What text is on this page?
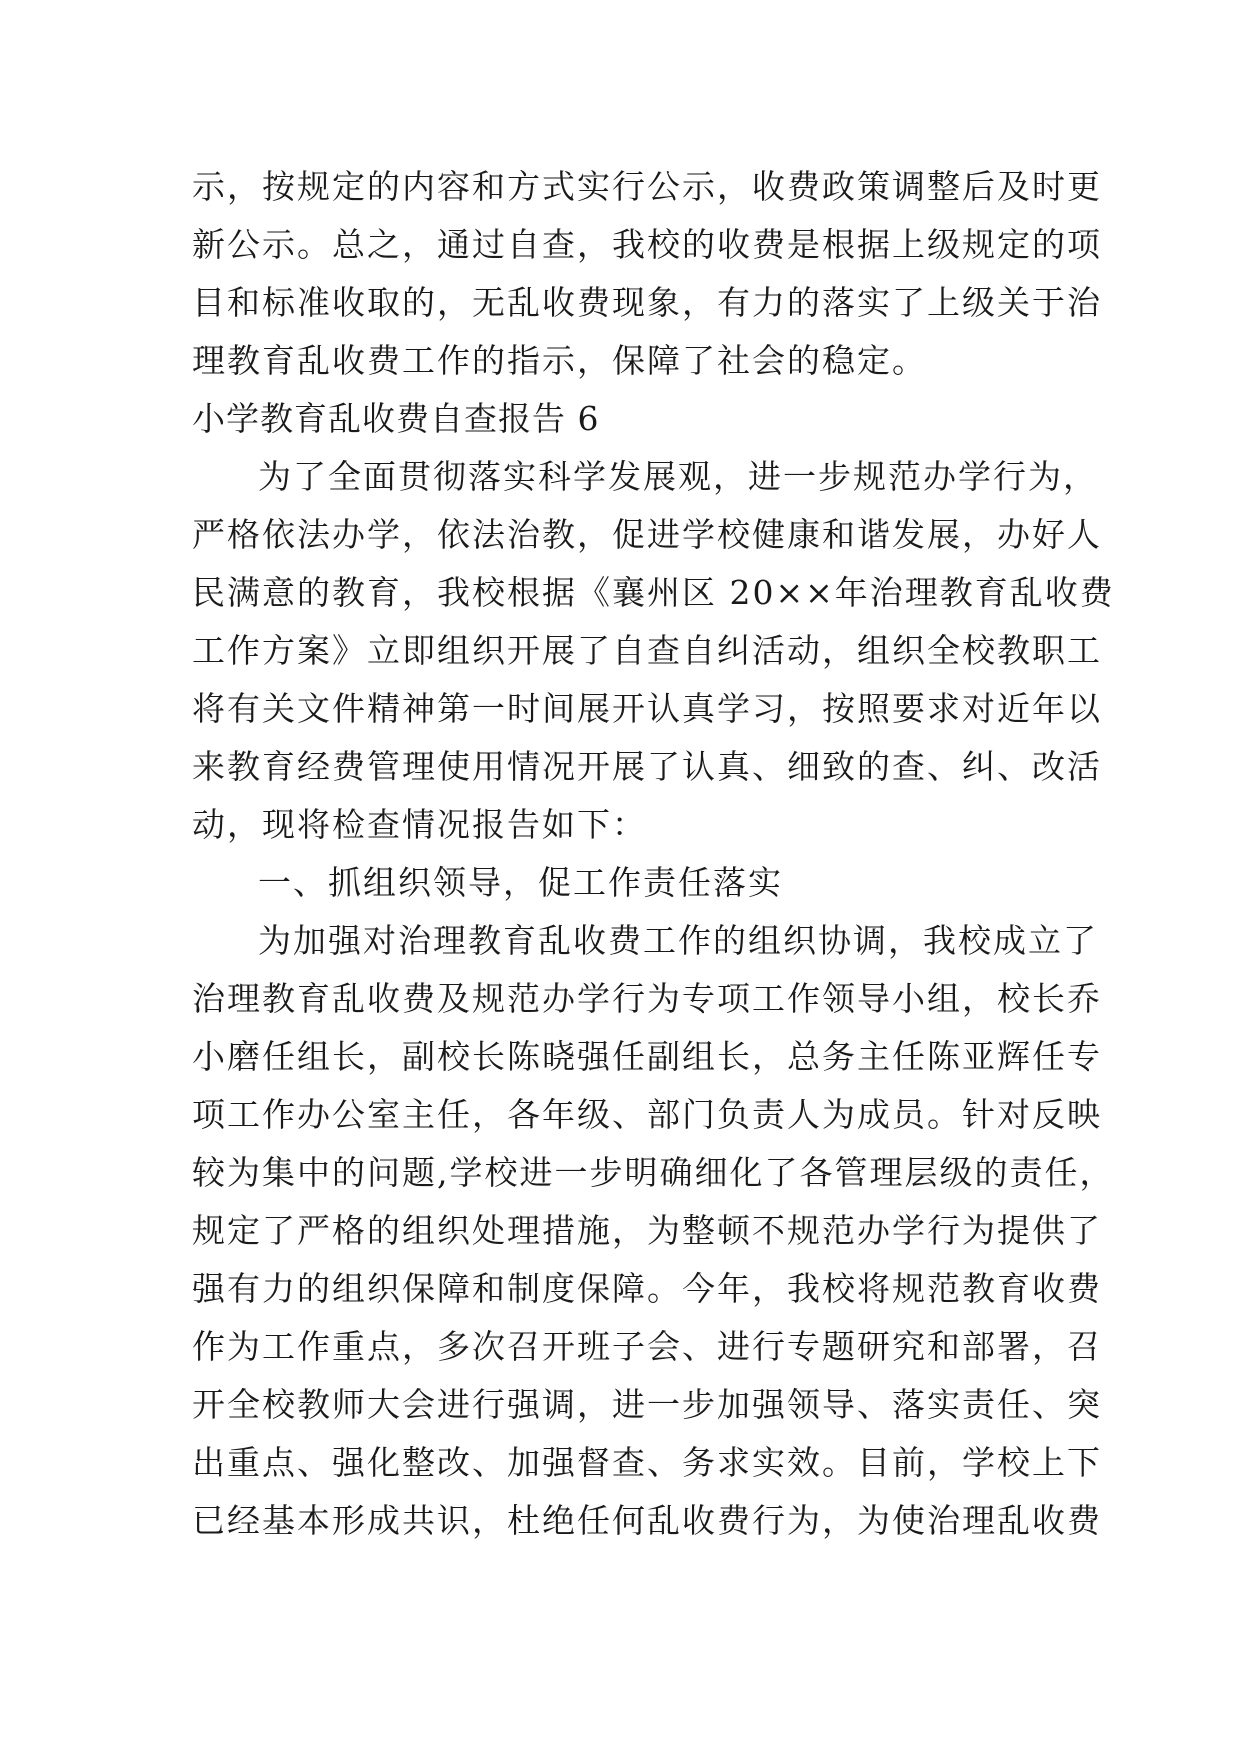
示，按规定的内容和方式实行公示，收费政策调整后及时更
新公示。总之，通过自查，我校的收费是根据上级规定的项
目和标准收取的，无乱收费现象，有力的落实了上级关于治
理教育乱收费工作的指示，保障了社会的稳定。
小学教育乱收费自查报告 6
为了全面贯彻落实科学发展观，进一步规范办学行为，
严格依法办学，依法治教，促进学校健康和谐发展，办好人
民满意的教育，我校根据《襄州区 20××年治理教育乱收费
工作方案》立即组织开展了自查自纠活动，组织全校教职工
将有关文件精神第一时间展开认真学习，按照要求对近年以
来教育经费管理使用情况开展了认真、细致的查、纠、改活
动，现将检查情况报告如下：
一、抓组织领导，促工作责任落实
为加强对治理教育乱收费工作的组织协调，我校成立了
治理教育乱收费及规范办学行为专项工作领导小组，校长乔
小磨任组长，副校长陈晓强任副组长，总务主任陈亚辉任专
项工作办公室主任，各年级、部门负责人为成员。针对反映
较为集中的问题,学校进一步明确细化了各管理层级的责任，
规定了严格的组织处理措施，为整顿不规范办学行为提供了
强有力的组织保障和制度保障。今年，我校将规范教育收费
作为工作重点，多次召开班子会、进行专题研究和部署，召
开全校教师大会进行强调，进一步加强领导、落实责任、突
出重点、强化整改、加强督查、务求实效。目前，学校上下
已经基本形成共识，杜绝任何乱收费行为，为使治理乱收费
